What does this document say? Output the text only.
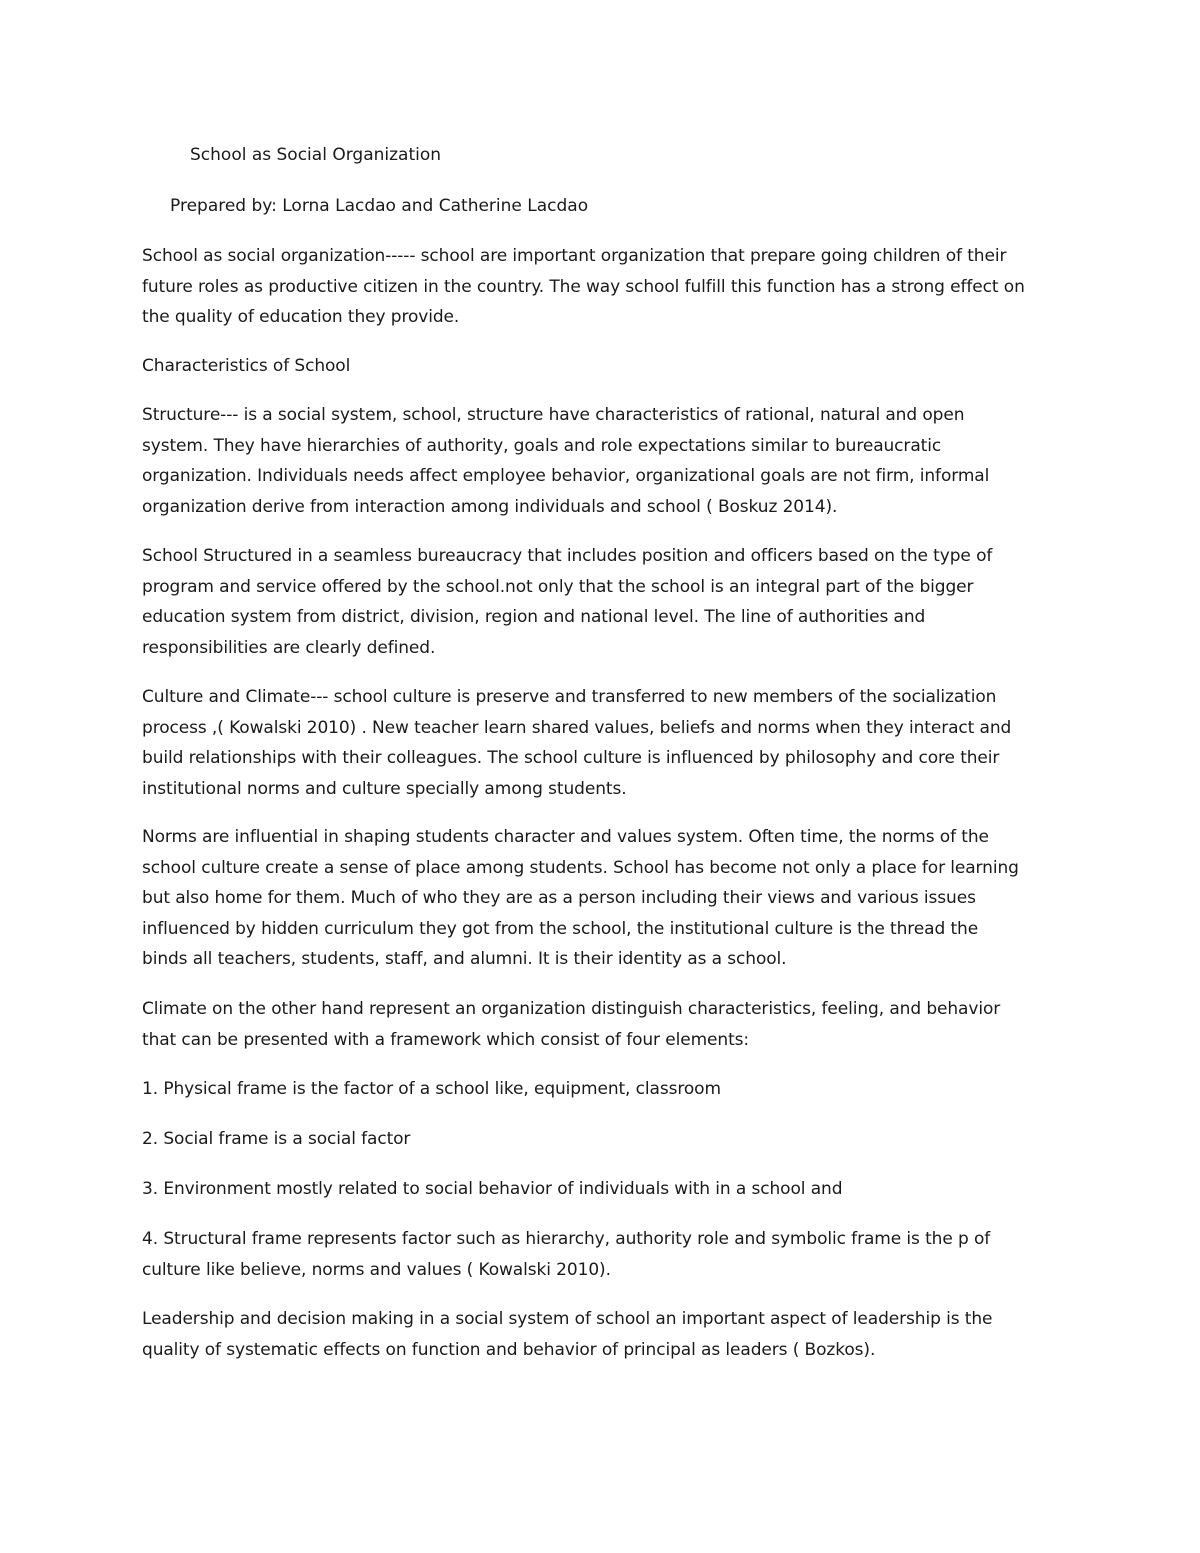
School as Social Organization
Prepared by: Lorna Lacdao and Catherine Lacdao
School as social organization----- school are important organization that prepare going children of their
future roles as productive citizen in the country. The way school fulfill this function has a strong effect on
the quality of education they provide.
Characteristics of School
Structure--- is a social system, school, structure have characteristics of rational, natural and open
system. They have hierarchies of authority, goals and role expectations similar to bureaucratic
organization. Individuals needs affect employee behavior, organizational goals are not firm, informal
organization derive from interaction among individuals and school ( Boskuz 2014).
School Structured in a seamless bureaucracy that includes position and officers based on the type of
program and service offered by the school.not only that the school is an integral part of the bigger
education system from district, division, region and national level. The line of authorities and
responsibilities are clearly defined.
Culture and Climate--- school culture is preserve and transferred to new members of the socialization
process ,( Kowalski 2010) . New teacher learn shared values, beliefs and norms when they interact and
build relationships with their colleagues. The school culture is influenced by philosophy and core their
institutional norms and culture specially among students.
Norms are influential in shaping students character and values system. Often time, the norms of the
school culture create a sense of place among students. School has become not only a place for learning
but also home for them. Much of who they are as a person including their views and various issues
influenced by hidden curriculum they got from the school, the institutional culture is the thread the
binds all teachers, students, staff, and alumni. It is their identity as a school.
Climate on the other hand represent an organization distinguish characteristics, feeling, and behavior
that can be presented with a framework which consist of four elements:
1. Physical frame is the factor of a school like, equipment, classroom
2. Social frame is a social factor
3. Environment mostly related to social behavior of individuals with in a school and
4. Structural frame represents factor such as hierarchy, authority role and symbolic frame is the p of
culture like believe, norms and values ( Kowalski 2010).
Leadership and decision making in a social system of school an important aspect of leadership is the
quality of systematic effects on function and behavior of principal as leaders ( Bozkos).
